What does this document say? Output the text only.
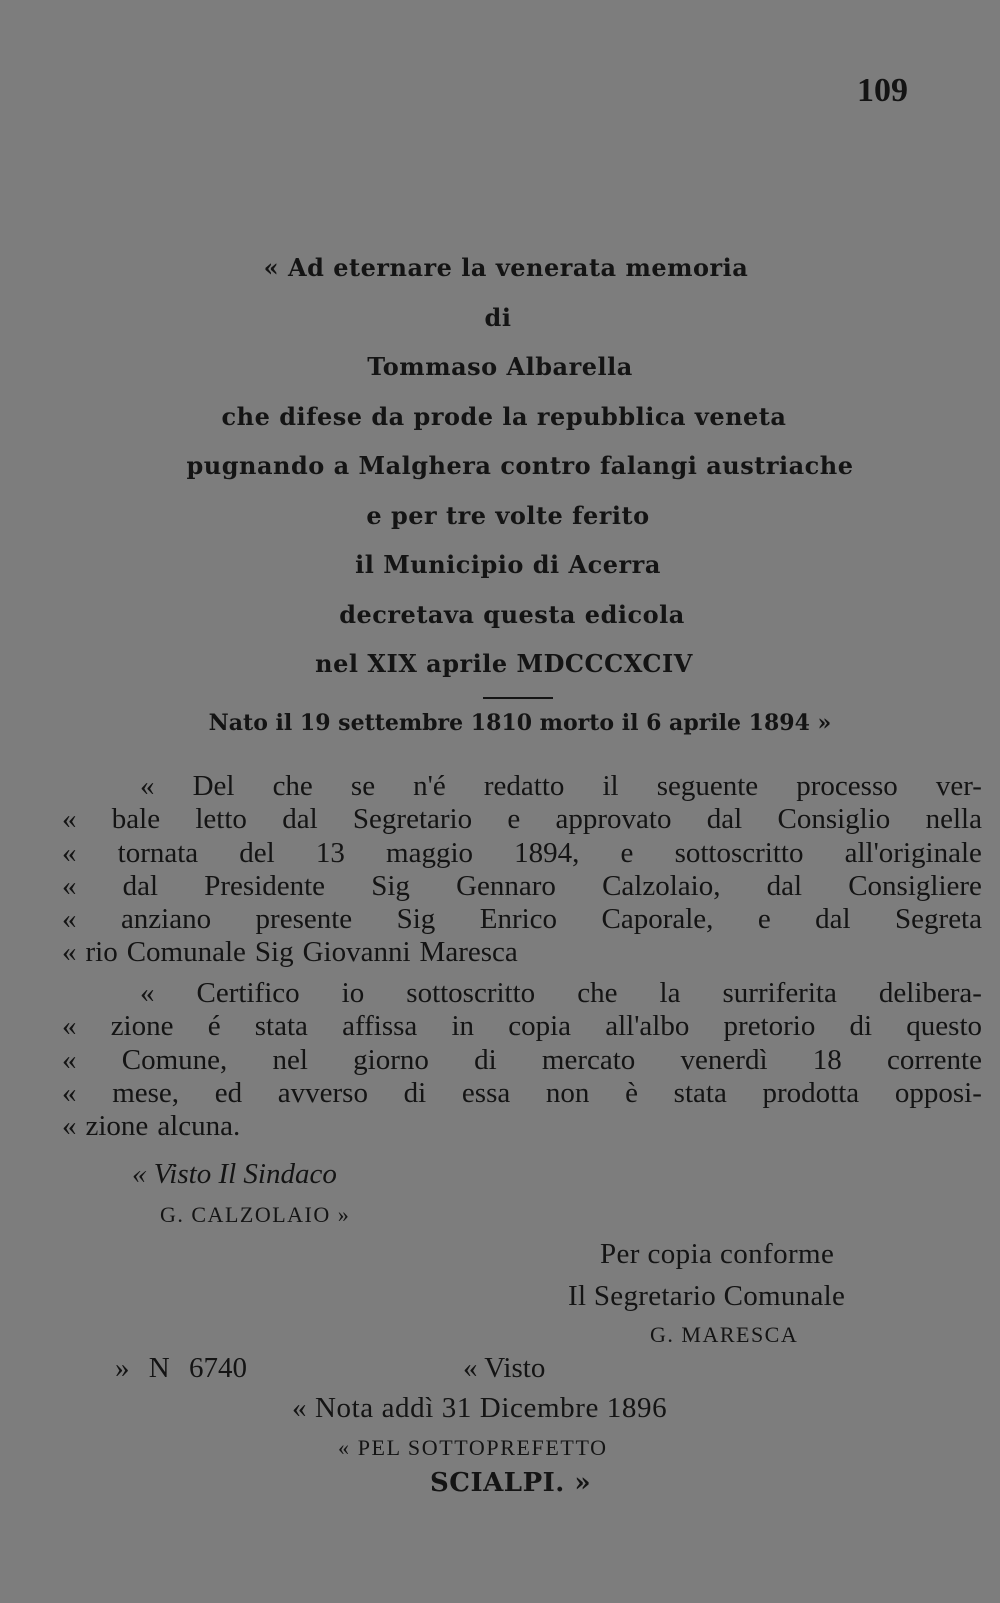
109
« Ad eternare la venerata memoria
di
Tommaso Albarella
che difese da prode la repubblica veneta
pugnando a Malghera contro falangi austriache
e per tre volte ferito
il Municipio di Acerra
decretava questa edicola
nel XIX aprile MDCCCXCIV
Nato il 19 settembre 1810 morto il 6 aprile 1894 »
« Del che se n'é redatto il seguente processo ver-
« bale letto dal Segretario e approvato dal Consiglio nella
« tornata del 13 maggio 1894, e sottoscritto all'originale
« dal Presidente Sig Gennaro Calzolaio, dal Consigliere
« anziano presente Sig Enrico Caporale, e dal Segreta
« rio Comunale Sig Giovanni Maresca
« Certifico io sottoscritto che la surriferita delibera-
« zione é stata affissa in copia all'albo pretorio di questo
« Comune, nel giorno di mercato venerdì 18 corrente
« mese, ed avverso di essa non è stata prodotta opposi-
« zione alcuna.
« Visto Il Sindaco
G. CALZOLAIO »
Per copia conforme
Il Segretario Comunale
G. MARESCA
» N 6740	« Visto
« Nota addì 31 Dicembre 1896
« PEL SOTTOPREFETTO
SCIALPI. »
